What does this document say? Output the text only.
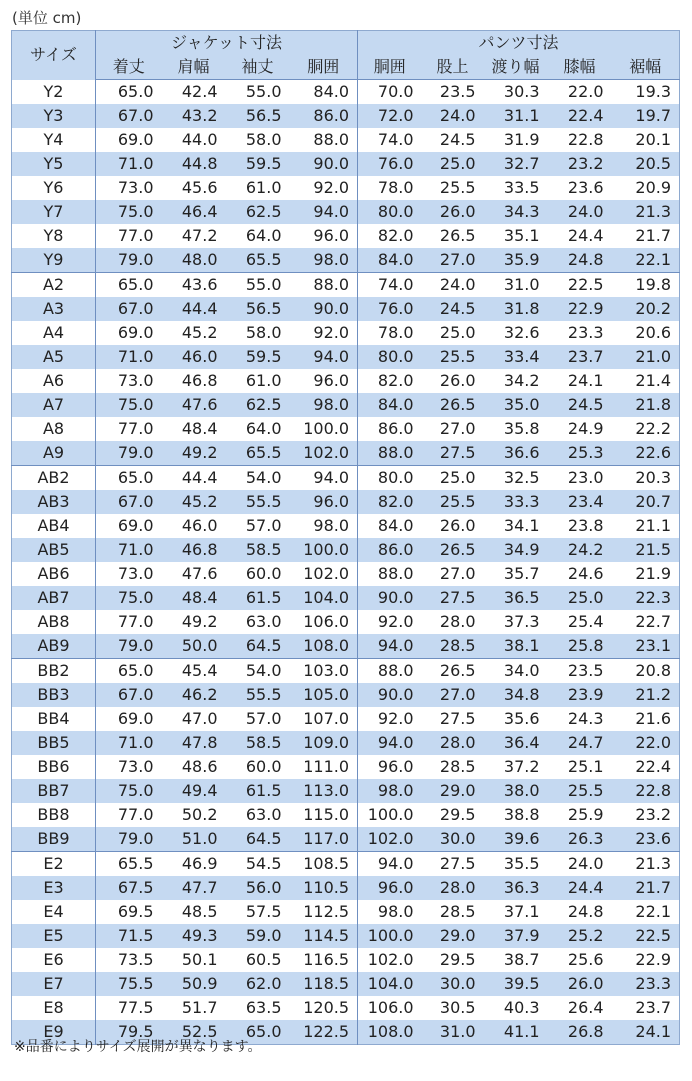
(単位 cm)
サイズ	ジャケット寸法				パンツ寸法				
	着丈	肩幅	袖丈	胴囲	胴囲	股上	渡り幅	膝幅	裾幅
Y2	65.0	42.4	55.0	84.0	70.0	23.5	30.3	22.0	19.3
Y3	67.0	43.2	56.5	86.0	72.0	24.0	31.1	22.4	19.7
Y4	69.0	44.0	58.0	88.0	74.0	24.5	31.9	22.8	20.1
Y5	71.0	44.8	59.5	90.0	76.0	25.0	32.7	23.2	20.5
Y6	73.0	45.6	61.0	92.0	78.0	25.5	33.5	23.6	20.9
Y7	75.0	46.4	62.5	94.0	80.0	26.0	34.3	24.0	21.3
Y8	77.0	47.2	64.0	96.0	82.0	26.5	35.1	24.4	21.7
Y9	79.0	48.0	65.5	98.0	84.0	27.0	35.9	24.8	22.1
A2	65.0	43.6	55.0	88.0	74.0	24.0	31.0	22.5	19.8
A3	67.0	44.4	56.5	90.0	76.0	24.5	31.8	22.9	20.2
A4	69.0	45.2	58.0	92.0	78.0	25.0	32.6	23.3	20.6
A5	71.0	46.0	59.5	94.0	80.0	25.5	33.4	23.7	21.0
A6	73.0	46.8	61.0	96.0	82.0	26.0	34.2	24.1	21.4
A7	75.0	47.6	62.5	98.0	84.0	26.5	35.0	24.5	21.8
A8	77.0	48.4	64.0	100.0	86.0	27.0	35.8	24.9	22.2
A9	79.0	49.2	65.5	102.0	88.0	27.5	36.6	25.3	22.6
AB2	65.0	44.4	54.0	94.0	80.0	25.0	32.5	23.0	20.3
AB3	67.0	45.2	55.5	96.0	82.0	25.5	33.3	23.4	20.7
AB4	69.0	46.0	57.0	98.0	84.0	26.0	34.1	23.8	21.1
AB5	71.0	46.8	58.5	100.0	86.0	26.5	34.9	24.2	21.5
AB6	73.0	47.6	60.0	102.0	88.0	27.0	35.7	24.6	21.9
AB7	75.0	48.4	61.5	104.0	90.0	27.5	36.5	25.0	22.3
AB8	77.0	49.2	63.0	106.0	92.0	28.0	37.3	25.4	22.7
AB9	79.0	50.0	64.5	108.0	94.0	28.5	38.1	25.8	23.1
BB2	65.0	45.4	54.0	103.0	88.0	26.5	34.0	23.5	20.8
BB3	67.0	46.2	55.5	105.0	90.0	27.0	34.8	23.9	21.2
BB4	69.0	47.0	57.0	107.0	92.0	27.5	35.6	24.3	21.6
BB5	71.0	47.8	58.5	109.0	94.0	28.0	36.4	24.7	22.0
BB6	73.0	48.6	60.0	111.0	96.0	28.5	37.2	25.1	22.4
BB7	75.0	49.4	61.5	113.0	98.0	29.0	38.0	25.5	22.8
BB8	77.0	50.2	63.0	115.0	100.0	29.5	38.8	25.9	23.2
BB9	79.0	51.0	64.5	117.0	102.0	30.0	39.6	26.3	23.6
E2	65.5	46.9	54.5	108.5	94.0	27.5	35.5	24.0	21.3
E3	67.5	47.7	56.0	110.5	96.0	28.0	36.3	24.4	21.7
E4	69.5	48.5	57.5	112.5	98.0	28.5	37.1	24.8	22.1
E5	71.5	49.3	59.0	114.5	100.0	29.0	37.9	25.2	22.5
E6	73.5	50.1	60.5	116.5	102.0	29.5	38.7	25.6	22.9
E7	75.5	50.9	62.0	118.5	104.0	30.0	39.5	26.0	23.3
E8	77.5	51.7	63.5	120.5	106.0	30.5	40.3	26.4	23.7
E9	79.5	52.5	65.0	122.5	108.0	31.0	41.1	26.8	24.1
※品番によりサイズ展開が異なります。
